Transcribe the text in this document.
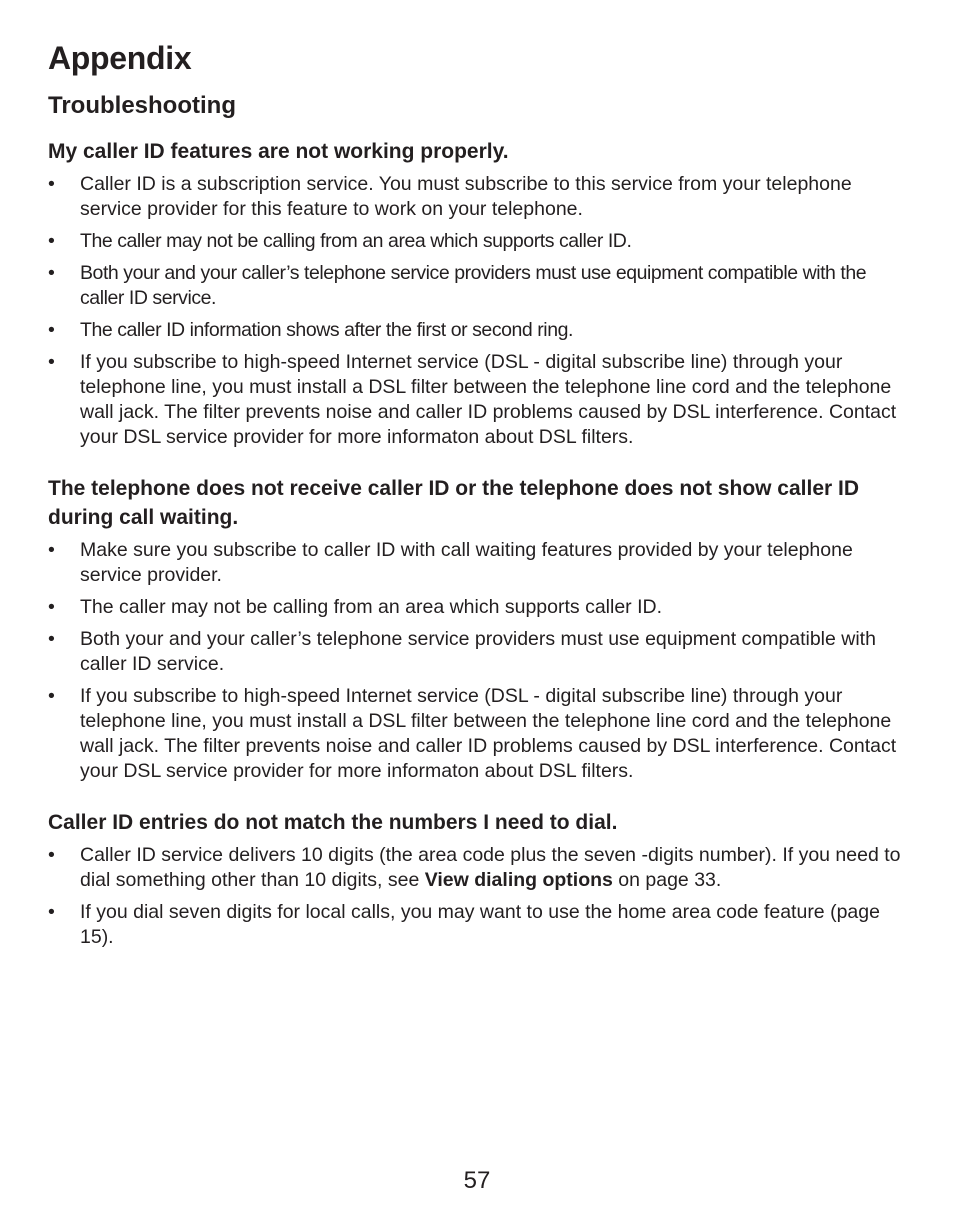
Appendix
Troubleshooting
My caller ID features are not working properly.
•	Caller ID is a subscription service. You must subscribe to this service from your telephone service provider for this feature to work on your telephone.
•	The caller may not be calling from an area which supports caller ID.
•	Both your and your caller’s telephone service providers must use equipment compatible with the caller ID service.
•	The caller ID information shows after the first or second ring.
•	If you subscribe to high-speed Internet service (DSL - digital subscribe line) through your telephone line, you must install a DSL filter between the telephone line cord and the telephone wall jack. The filter prevents noise and caller ID problems caused by DSL interference. Contact your DSL service provider for more informaton about DSL filters.
The telephone does not receive caller ID or the telephone does not show caller ID during call waiting.
•	Make sure you subscribe to caller ID with call waiting features provided by your telephone service provider.
•	The caller may not be calling from an area which supports caller ID.
•	Both your and your caller’s telephone service providers must use equipment compatible with caller ID service.
•	If you subscribe to high-speed Internet service (DSL - digital subscribe line) through your telephone line, you must install a DSL filter between the telephone line cord and the telephone wall jack. The filter prevents noise and caller ID problems caused by DSL interference. Contact your DSL service provider for more informaton about DSL filters.
Caller ID entries do not match the numbers I need to dial.
•	Caller ID service delivers 10 digits (the area code plus the seven -digits number). If you need to dial something other than 10 digits, see View dialing options on page 33.
•	If you dial seven digits for local calls, you may want to use the home area code feature (page 15).
57
